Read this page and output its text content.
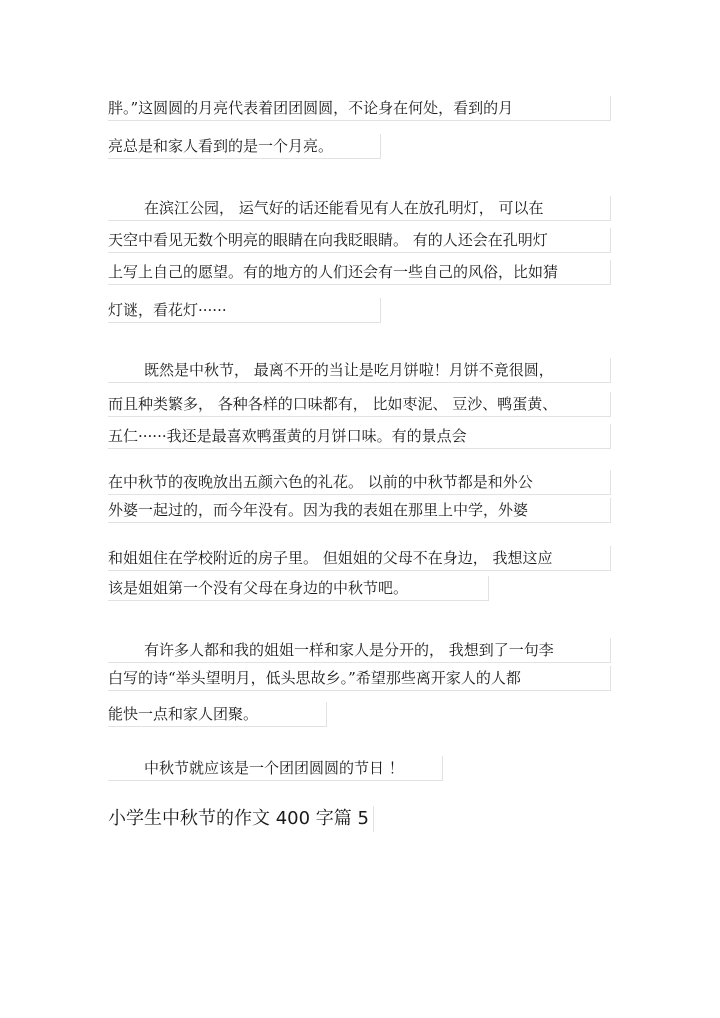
胖。”这圆圆的月亮代表着团团圆圆，不论身在何处，看到的月
亮总是和家人看到的是一个月亮。
在滨江公园， 运气好的话还能看见有人在放孔明灯， 可以在
天空中看见无数个明亮的眼睛在向我眨眼睛。 有的人还会在孔明灯
上写上自己的愿望。有的地方的人们还会有一些自己的风俗，比如猜
灯谜，看花灯······
既然是中秋节， 最离不开的当让是吃月饼啦！月饼不竟很圆，
而且种类繁多， 各种各样的口味都有， 比如枣泥、 豆沙、鸭蛋黄、
五仁······我还是最喜欢鸭蛋黄的月饼口味。有的景点会
在中秋节的夜晚放出五颜六色的礼花。 以前的中秋节都是和外公
外婆一起过的，而今年没有。因为我的表姐在那里上中学，外婆
和姐姐住在学校附近的房子里。 但姐姐的父母不在身边， 我想这应
该是姐姐第一个没有父母在身边的中秋节吧。
有许多人都和我的姐姐一样和家人是分开的， 我想到了一句李
白写的诗“举头望明月，低头思故乡。”希望那些离开家人的人都
能快一点和家人团聚。
中秋节就应该是一个团团圆圆的节日 ！
小学生中秋节的作文 400 字篇 5
